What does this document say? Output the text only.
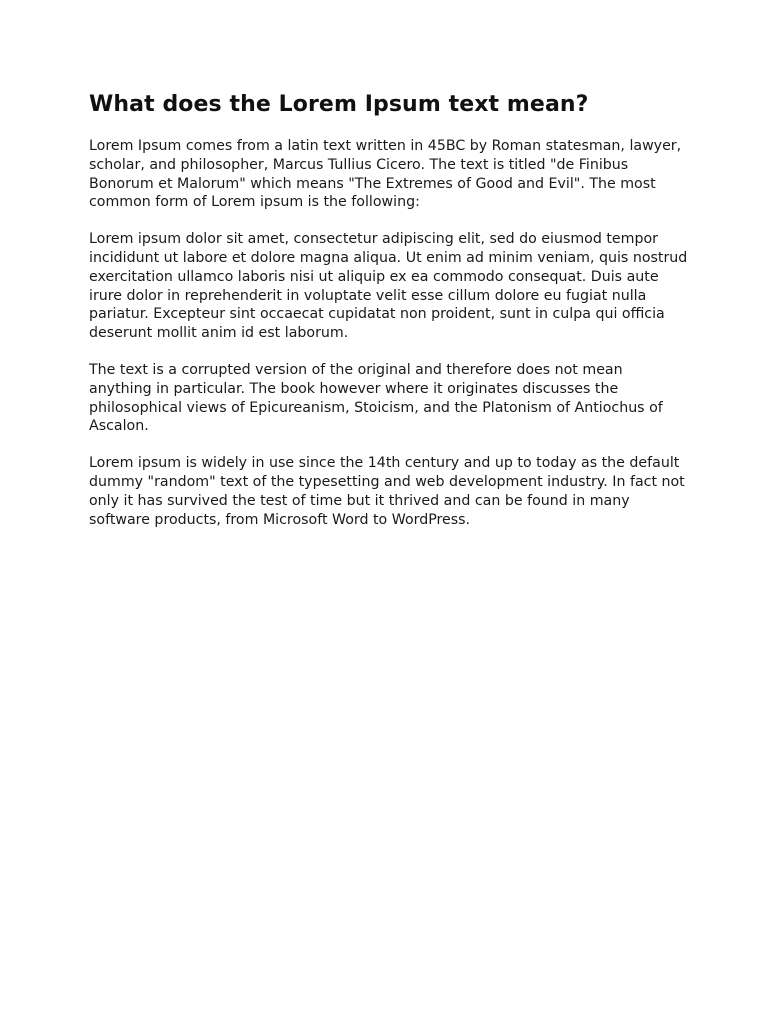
What does the Lorem Ipsum text mean?

Lorem Ipsum comes from a latin text written in 45BC by Roman statesman, lawyer, scholar, and philosopher, Marcus Tullius Cicero. The text is titled "de Finibus Bonorum et Malorum" which means "The Extremes of Good and Evil". The most common form of Lorem ipsum is the following:

Lorem ipsum dolor sit amet, consectetur adipiscing elit, sed do eiusmod tempor incididunt ut labore et dolore magna aliqua. Ut enim ad minim veniam, quis nostrud exercitation ullamco laboris nisi ut aliquip ex ea commodo consequat. Duis aute irure dolor in reprehenderit in voluptate velit esse cillum dolore eu fugiat nulla pariatur. Excepteur sint occaecat cupidatat non proident, sunt in culpa qui officia deserunt mollit anim id est laborum.

The text is a corrupted version of the original and therefore does not mean anything in particular. The book however where it originates discusses the philosophical views of Epicureanism, Stoicism, and the Platonism of Antiochus of Ascalon.

Lorem ipsum is widely in use since the 14th century and up to today as the default dummy "random" text of the typesetting and web development industry. In fact not only it has survived the test of time but it thrived and can be found in many software products, from Microsoft Word to WordPress.
